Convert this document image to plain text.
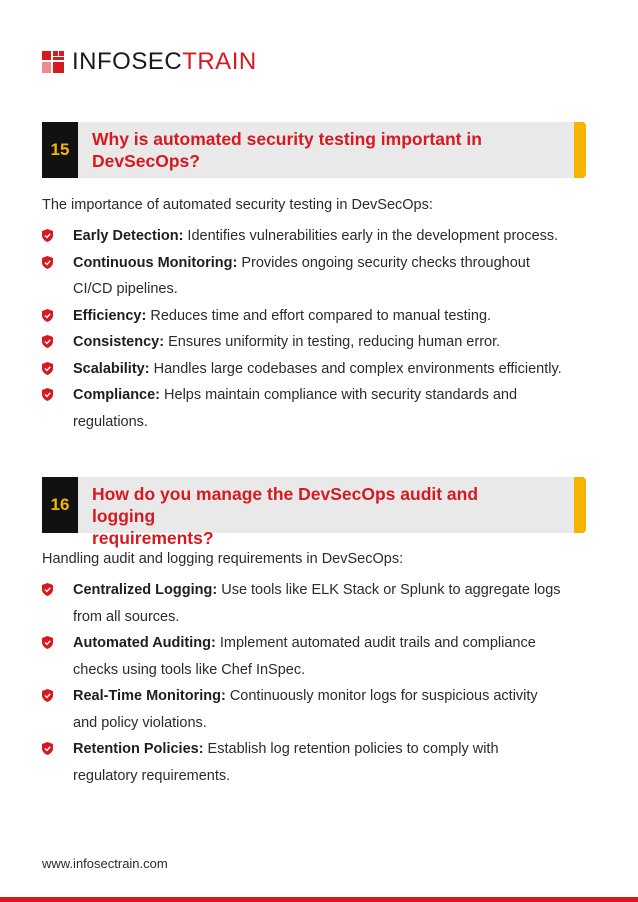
INFOSECTRAIN
15
Why is automated security testing important in
DevSecOps?
The importance of automated security testing in DevSecOps:
Early Detection: Identifies vulnerabilities early in the development process.
Continuous Monitoring: Provides ongoing security checks throughout
CI/CD pipelines.
Efficiency: Reduces time and effort compared to manual testing.
Consistency: Ensures uniformity in testing, reducing human error.
Scalability: Handles large codebases and complex environments efficiently.
Compliance: Helps maintain compliance with security standards and
regulations.
16
How do you manage the DevSecOps audit and logging
requirements?
Handling audit and logging requirements in DevSecOps:
Centralized Logging: Use tools like ELK Stack or Splunk to aggregate logs
from all sources.
Automated Auditing: Implement automated audit trails and compliance
checks using tools like Chef InSpec.
Real-Time Monitoring: Continuously monitor logs for suspicious activity
and policy violations.
Retention Policies: Establish log retention policies to comply with
regulatory requirements.
www.infosectrain.com
